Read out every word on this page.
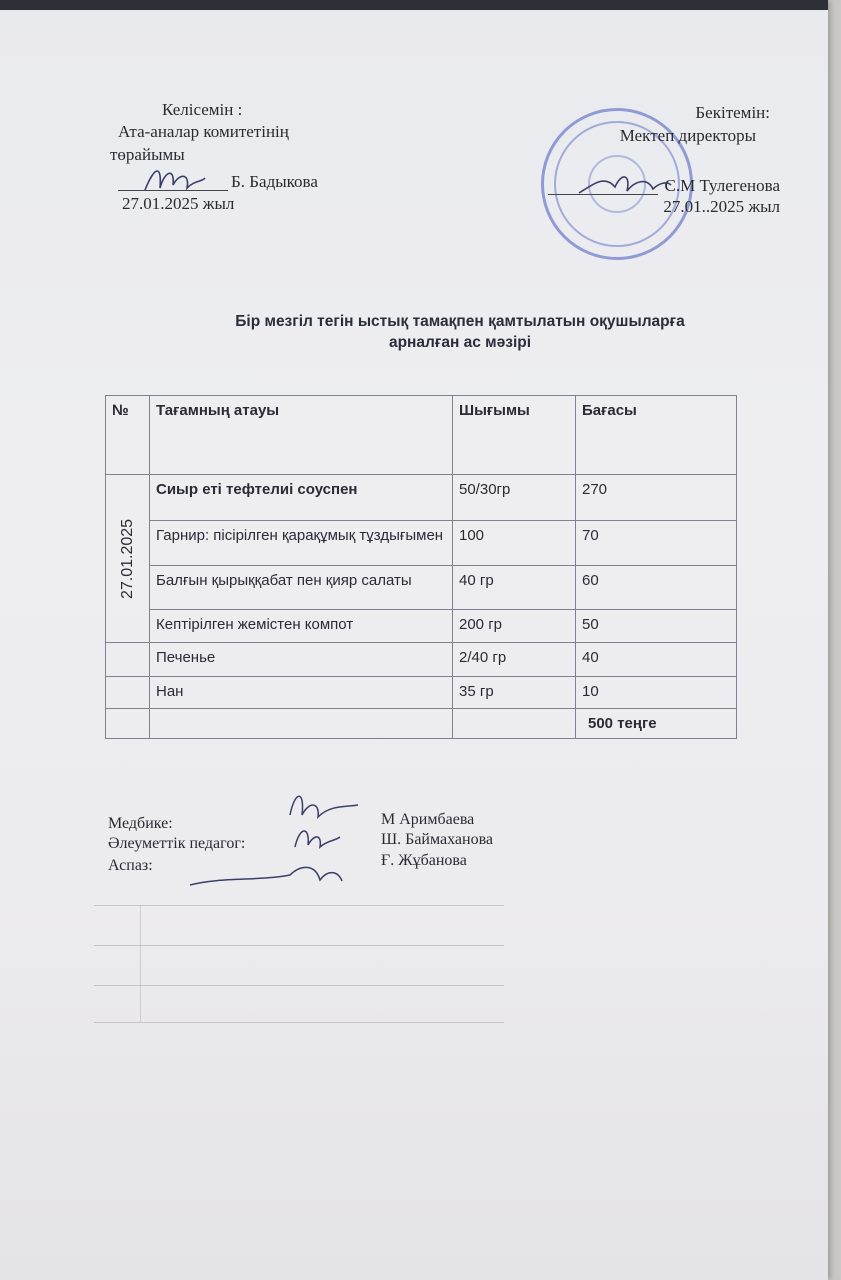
Келісемін :
Ата-аналар комитетінің
төрайымы
Б. Бадыкова
27.01.2025 жыл
Бекітемін:
Мектеп директоры
С.М Тулегенова
27.01..2025 жыл
Бір мезгіл тегін ыстық тамақпен қамтылатын оқушыларға
арналған ас мәзірі
№	Тағамның атауы	Шығымы	Бағасы

27.01.2025	Сиыр еті тефтелиі соуспен	50/30гр	270
	Гарнир: пісірілген қарақұмық тұздығымен	100	70
	Балғын қырыққабат пен қияр салаты	40 гр	60
	Кептірілген жемістен компот	200 гр	50
	Печенье	2/40 гр	40
	Нан	35 гр	10
			500 теңге
Медбике:
Әлеуметтік педагог:
Аспаз:
М Аримбаева
Ш. Баймаханова
Ғ. Жұбанова
